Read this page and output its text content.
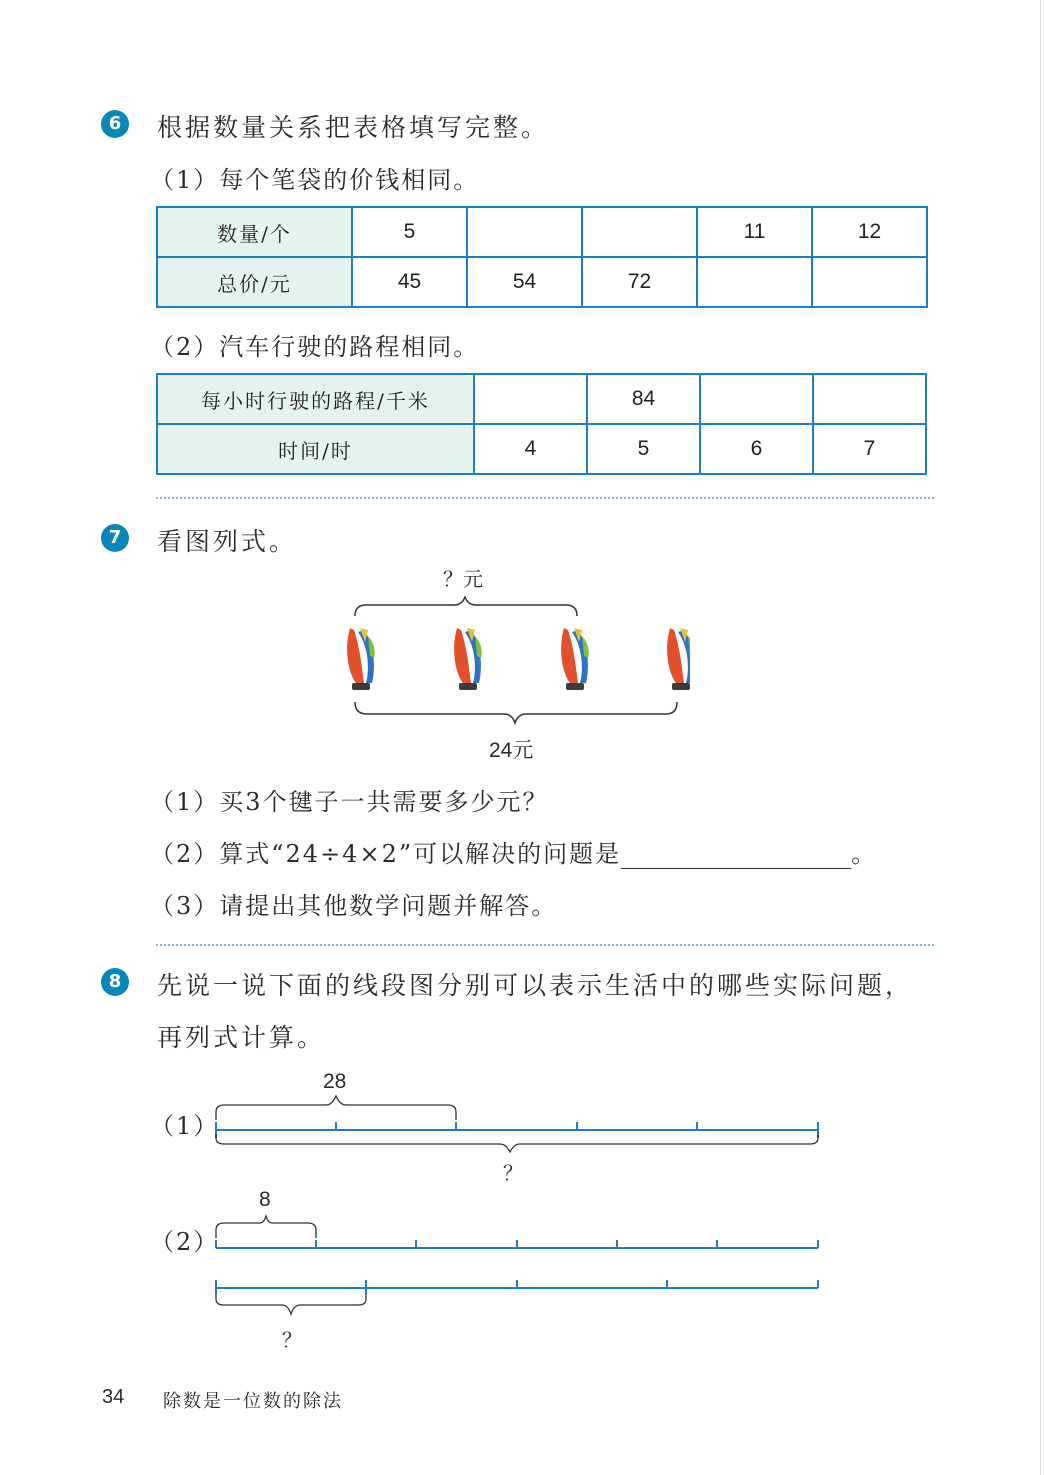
6	根据数量关系把表格填写完整。
（1）每个笔袋的价钱相同。
数量/个	5			11	12
总价/元	45	54	72		
（2）汽车行驶的路程相同。
每小时行驶的路程/千米		84		
时间/时	4	5	6	7
7	看图列式。
？元
24元
（1）买3个毽子一共需要多少元？
（2）算式“24÷4×2”可以解决的问题是	。
（3）请提出其他数学问题并解答。
8	先说一说下面的线段图分别可以表示生活中的哪些实际问题，
再列式计算。
（1）
28
？
（2）
8
？
34 除数是一位数的除法
